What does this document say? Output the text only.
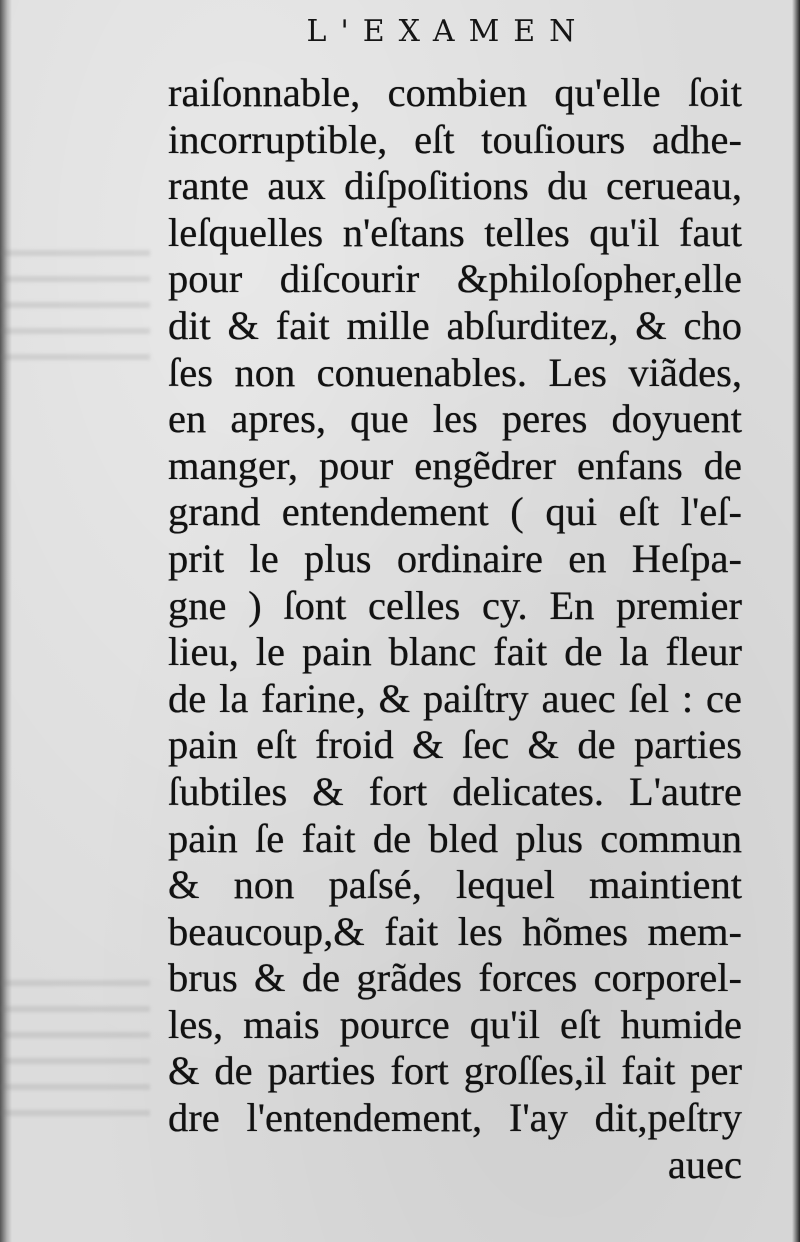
L'EXAMEN
raiſonnable, combien qu'elle ſoit
incorruptible, eſt touſiours adhe-
rante aux diſpoſitions du cerueau,
leſquelles n'eſtans telles qu'il faut
pour diſcourir &philoſopher,elle
dit & fait mille abſurditez, & cho
ſes non conuenables. Les viãdes,
en apres, que les peres doyuent
manger, pour engẽdrer enfans de
grand entendement ( qui eſt l'eſ-
prit le plus ordinaire en Heſpa-
gne ) ſont celles cy. En premier
lieu, le pain blanc fait de la fleur
de la farine, & paiſtry auec ſel : ce
pain eſt froid & ſec & de parties
ſubtiles & fort delicates. L'autre
pain ſe fait de bled plus commun
& non paſsé, lequel maintient
beaucoup,& fait les hõmes mem-
brus & de grãdes forces corporel-
les, mais pource qu'il eſt humide
& de parties fort groſſes,il fait per
dre l'entendement, I'ay dit,peſtry
auec
